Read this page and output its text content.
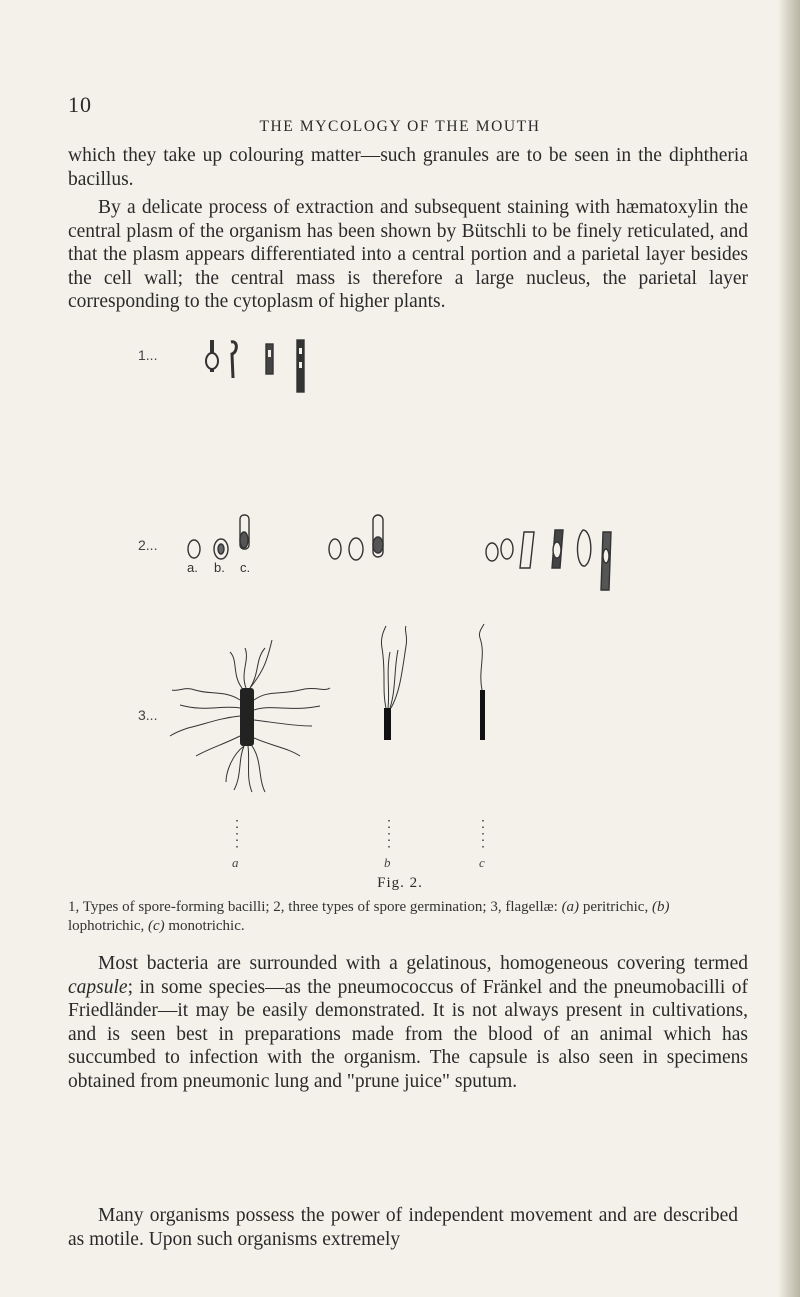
10
THE MYCOLOGY OF THE MOUTH
which they take up colouring matter—such granules are to be seen in the diphtheria bacillus.
By a delicate process of extraction and subsequent staining with hæmatoxylin the central plasm of the organism has been shown by Bütschli to be finely reticulated, and that the plasm appears differentiated into a central portion and a parietal layer besides the cell wall; the central mass is therefore a large nucleus, the parietal layer corresponding to the cytoplasm of higher plants.
1...
2...
3...
a. b. c.
a	b	c
Fig. 2.
1, Types of spore-forming bacilli; 2, three types of spore germination; 3, flagellæ: (a) peritrichic, (b) lophotrichic, (c) monotrichic.
Most bacteria are surrounded with a gelatinous, homogeneous covering termed capsule; in some species—as the pneumococcus of Fränkel and the pneumobacilli of Friedländer—it may be easily demonstrated. It is not always present in cultivations, and is seen best in preparations made from the blood of an animal which has succumbed to infection with the organism. The capsule is also seen in specimens obtained from pneumonic lung and "prune juice" sputum.
Many organisms possess the power of independent movement and are described as motile. Upon such organisms extremely
